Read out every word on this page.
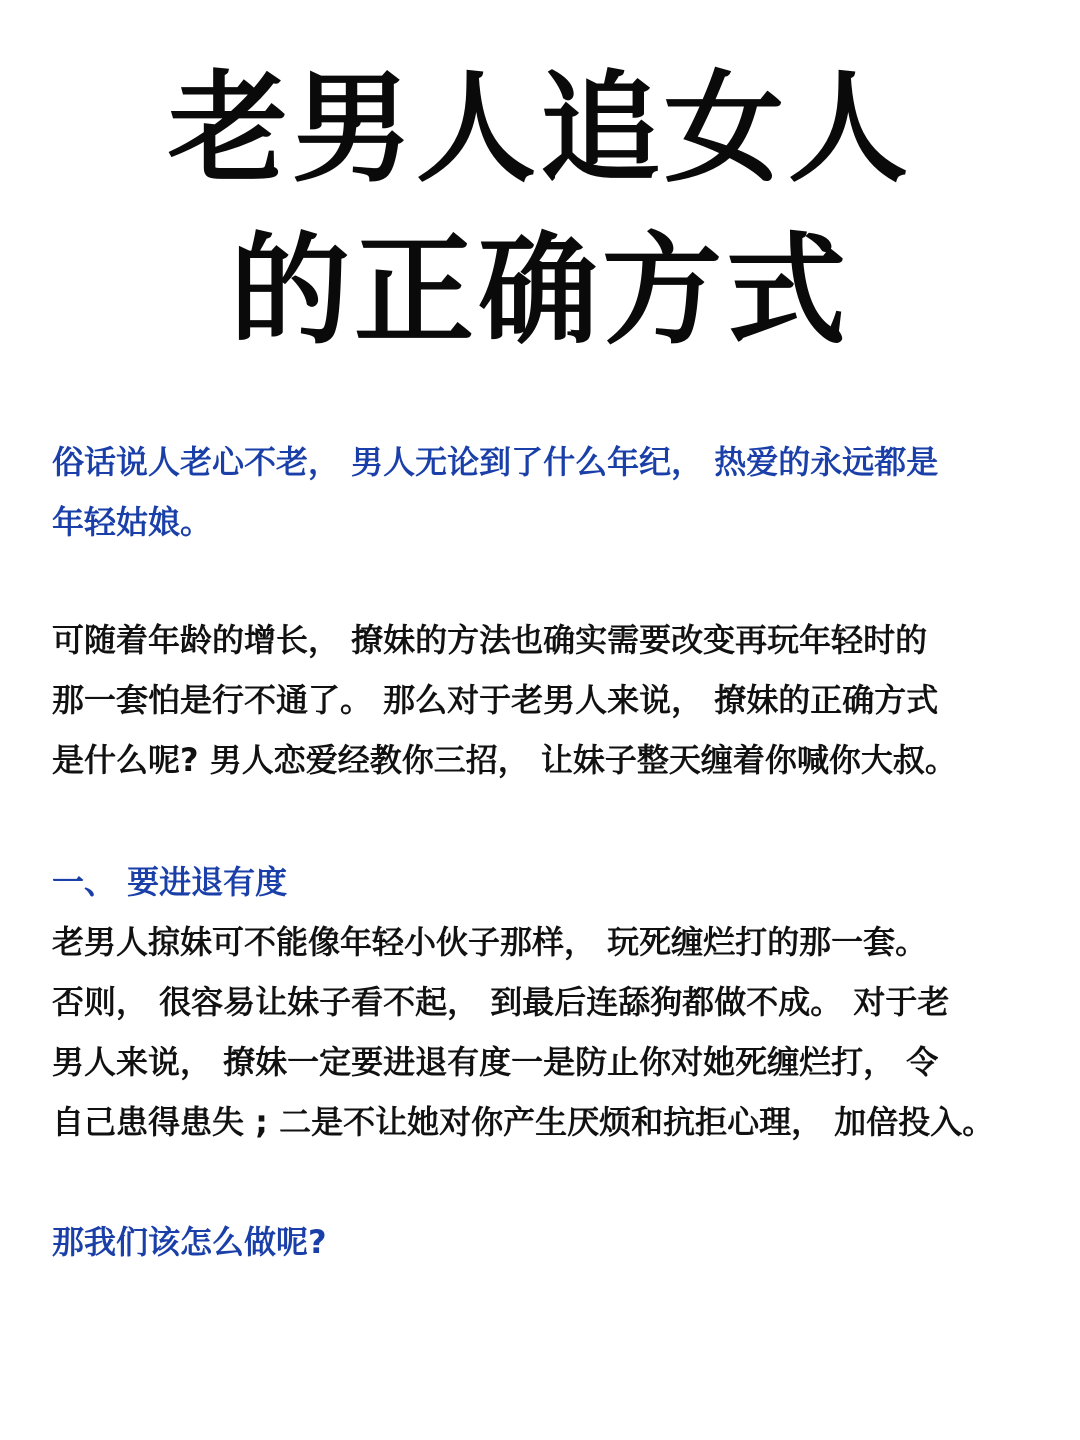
老男人追女人
的正确方式
俗话说人老心不老， 男人无论到了什么年纪， 热爱的永远都是
年轻姑娘。
可随着年龄的增长， 撩妹的方法也确实需要改变再玩年轻时的
那一套怕是行不通了。 那么对于老男人来说， 撩妹的正确方式
是什么呢? 男人恋爱经教你三招， 让妹子整天缠着你喊你大叔。
一、 要进退有度
老男人掠妹可不能像年轻小伙子那样， 玩死缠烂打的那一套。
否则， 很容易让妹子看不起， 到最后连舔狗都做不成。 对于老
男人来说， 撩妹一定要进退有度一是防止你对她死缠烂打， 令
自己患得患失 ; 二是不让她对你产生厌烦和抗拒心理， 加倍投入。
那我们该怎么做呢?
